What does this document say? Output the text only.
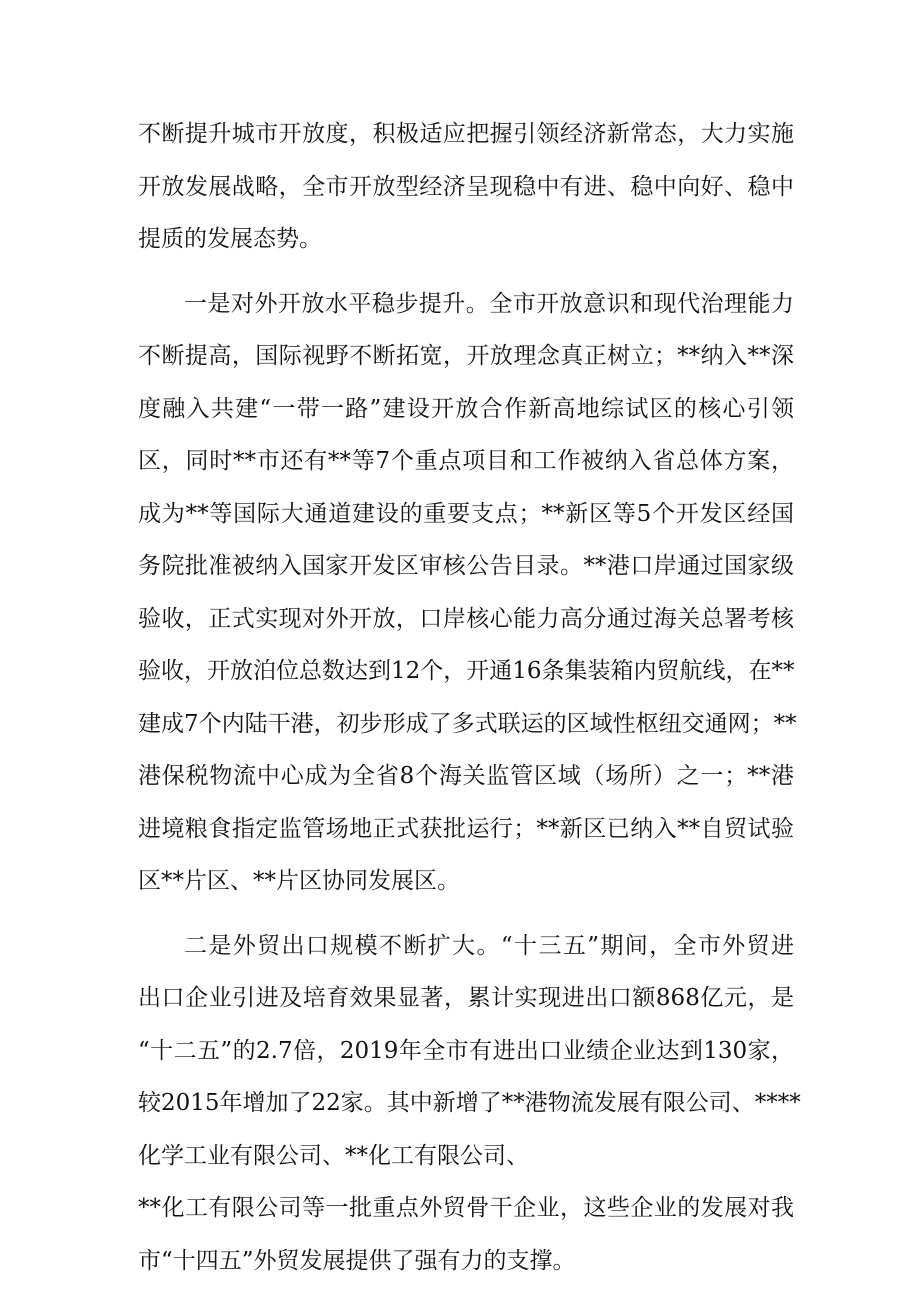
不断提升城市开放度，积极适应把握引领经济新常态，大力实施
开放发展战略，全市开放型经济呈现稳中有进、稳中向好、稳中
提质的发展态势。
一是对外开放水平稳步提升。全市开放意识和现代治理能力
不断提高，国际视野不断拓宽，开放理念真正树立；**纳入**深
度融入共建“一带一路”建设开放合作新高地综试区的核心引领
区，同时**市还有**等7个重点项目和工作被纳入省总体方案，
成为**等国际大通道建设的重要支点；**新区等5个开发区经国
务院批准被纳入国家开发区审核公告目录。**港口岸通过国家级
验收，正式实现对外开放，口岸核心能力高分通过海关总署考核
验收，开放泊位总数达到12个，开通16条集装箱内贸航线，在**
建成7个内陆干港，初步形成了多式联运的区域性枢纽交通网；**
港保税物流中心成为全省8个海关监管区域（场所）之一；**港
进境粮食指定监管场地正式获批运行；**新区已纳入**自贸试验
区**片区、**片区协同发展区。
二是外贸出口规模不断扩大。“十三五”期间，全市外贸进
出口企业引进及培育效果显著，累计实现进出口额868亿元，是
“十二五”的2.7倍，2019年全市有进出口业绩企业达到130家，
较2015年增加了22家。其中新增了**港物流发展有限公司、****
化学工业有限公司、**化工有限公司、
**化工有限公司等一批重点外贸骨干企业，这些企业的发展对我
市“十四五”外贸发展提供了强有力的支撑。
